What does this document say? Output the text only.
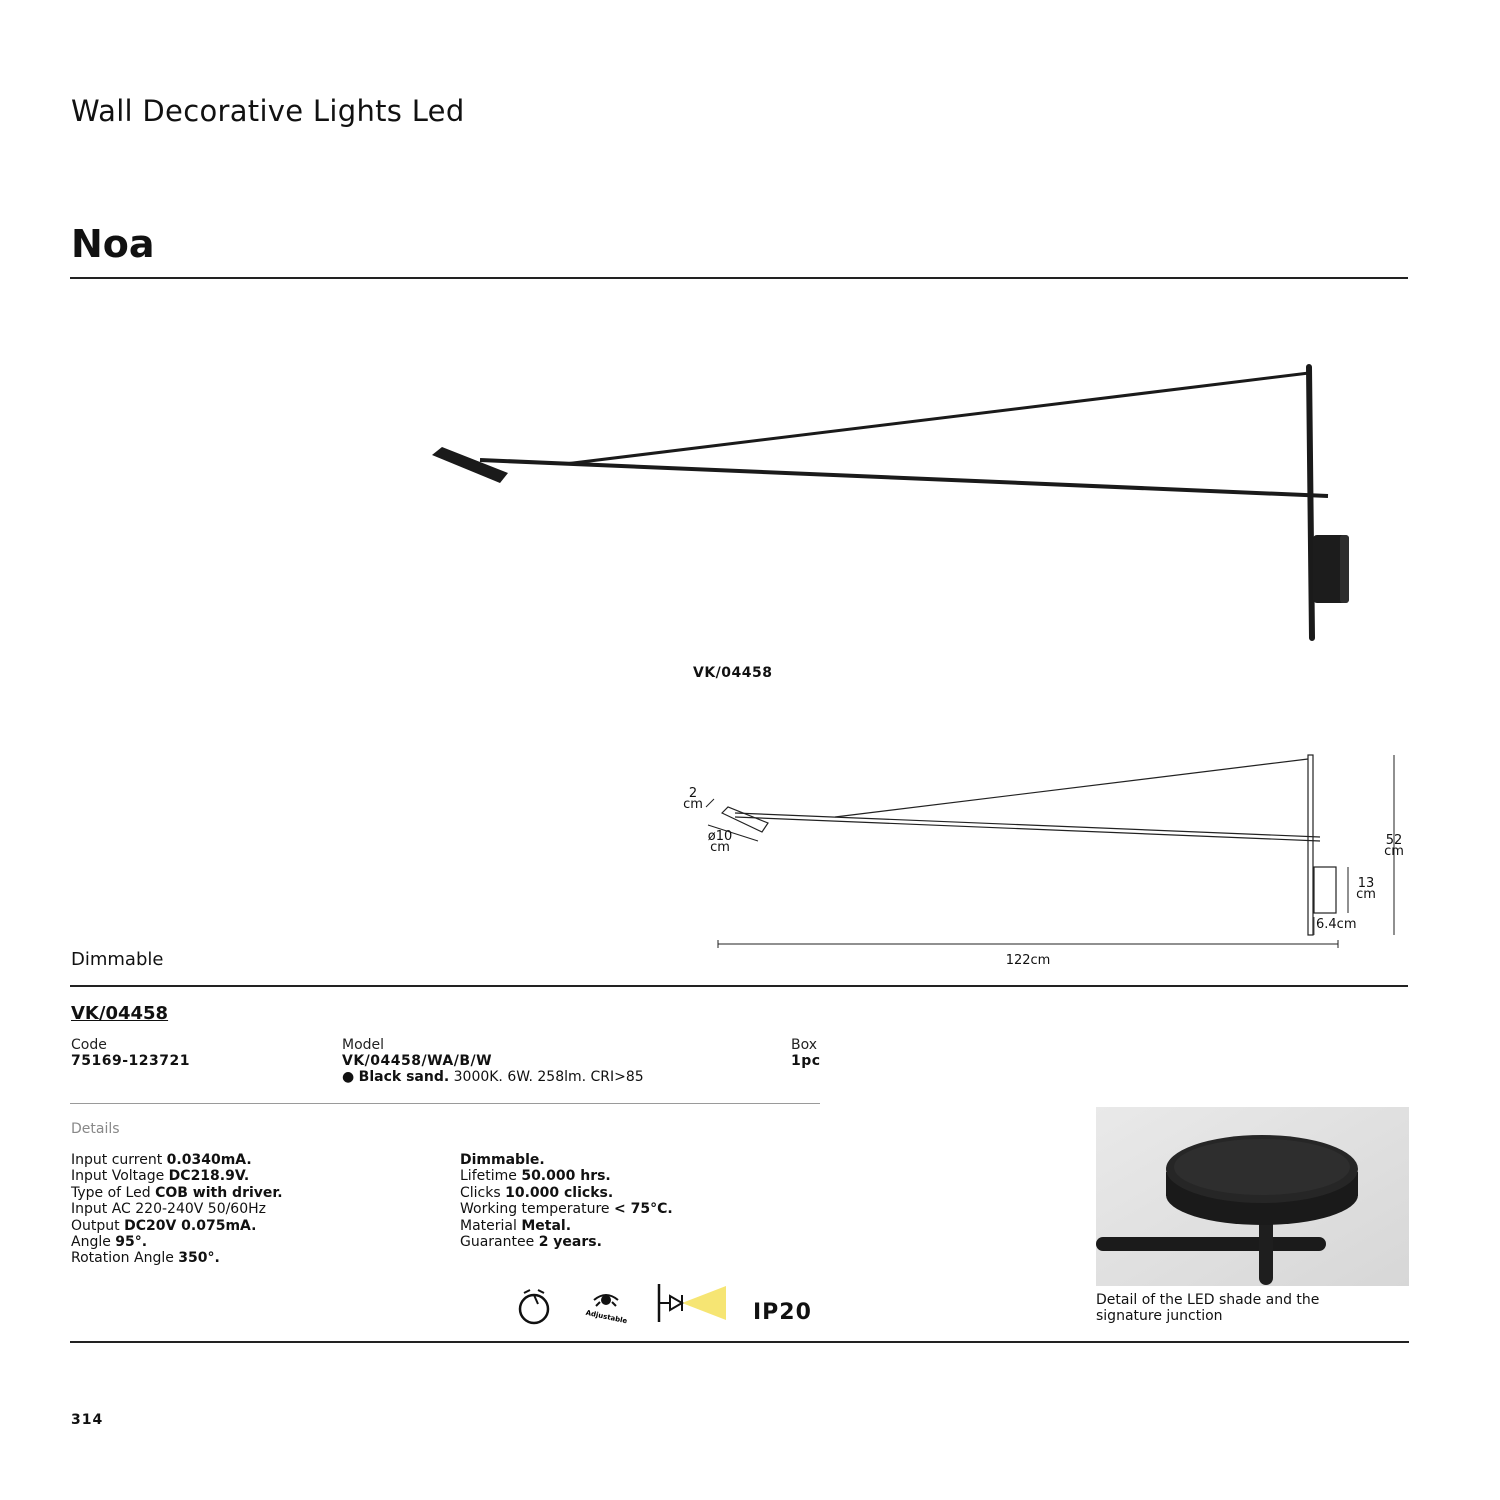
Wall Decorative Lights Led
Noa
VK/04458
2
cm
ø10
cm	52
cm
13
cm
6.4cm
122cm
Dimmable
VK/04458
Code
75169-123721
Model
VK/04458/WA/B/W
● Black sand. 3000K. 6W. 258lm. CRI>85
Box
1pc
Details
Input current 0.0340mA.
Input Voltage DC218.9V.
Type of Led COB with driver.
Input AC 220-240V 50/60Hz
Output DC20V 0.075mA.
Angle 95°.
Rotation Angle 350°.
Dimmable.
Lifetime 50.000 hrs.
Clicks 10.000 clicks.
Working temperature < 75°C.
Material Metal.
Guarantee 2 years.
Adjustable	IP20	Detail of the LED shade and the
signature junction
314
